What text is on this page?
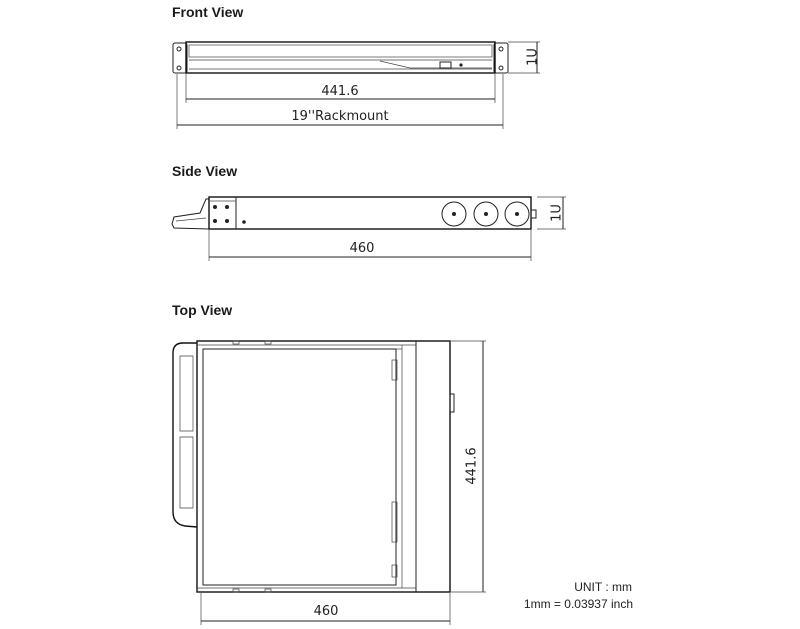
Front View
1U
441.6
19''Rackmount
Side View
1U
460
Top View
441.6
460
UNIT : mm
1mm = 0.03937 inch
